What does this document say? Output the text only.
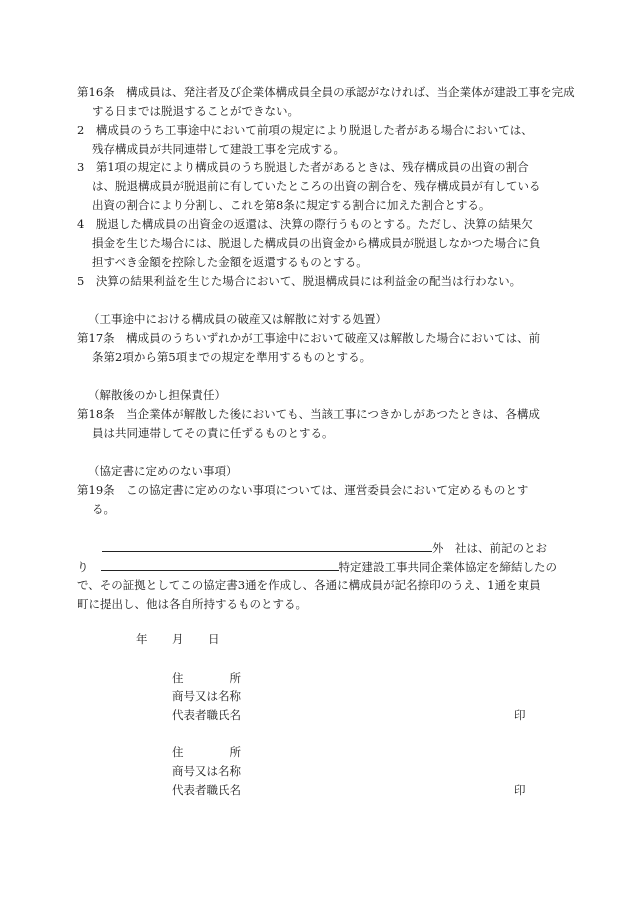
第16条　構成員は、発注者及び企業体構成員全員の承認がなければ、当企業体が建設工事を完成
する日までは脱退することができない。
2　構成員のうち工事途中において前項の規定により脱退した者がある場合においては、
残存構成員が共同連帯して建設工事を完成する。
3　第1項の規定により構成員のうち脱退した者があるときは、残存構成員の出資の割合
は、脱退構成員が脱退前に有していたところの出資の割合を、残存構成員が有している
出資の割合により分割し、これを第8条に規定する割合に加えた割合とする。
4　脱退した構成員の出資金の返還は、決算の際行うものとする。ただし、決算の結果欠
損金を生じた場合には、脱退した構成員の出資金から構成員が脱退しなかつた場合に負
担すべき金額を控除した金額を返還するものとする。
5　決算の結果利益を生じた場合において、脱退構成員には利益金の配当は行わない。
（工事途中における構成員の破産又は解散に対する処置）
第17条　構成員のうちいずれかが工事途中において破産又は解散した場合においては、前
条第2項から第5項までの規定を準用するものとする。
（解散後のかし担保責任）
第18条　当企業体が解散した後においても、当該工事につきかしがあつたときは、各構成
員は共同連帯してその責に任ずるものとする。
（協定書に定めのない事項）
第19条　この協定書に定めのない事項については、運営委員会において定めるものとす
る。
外　社は、前記のとお
り	特定建設工事共同企業体協定を締結したの
で、その証拠としてこの協定書3通を作成し、各通に構成員が記名捺印のうえ、1通を東員
町に提出し、他は各自所持するものとする。
年 月 日
住　　　　所
商号又は名称
代表者職氏名	印
住　　　　所
商号又は名称
代表者職氏名	印
